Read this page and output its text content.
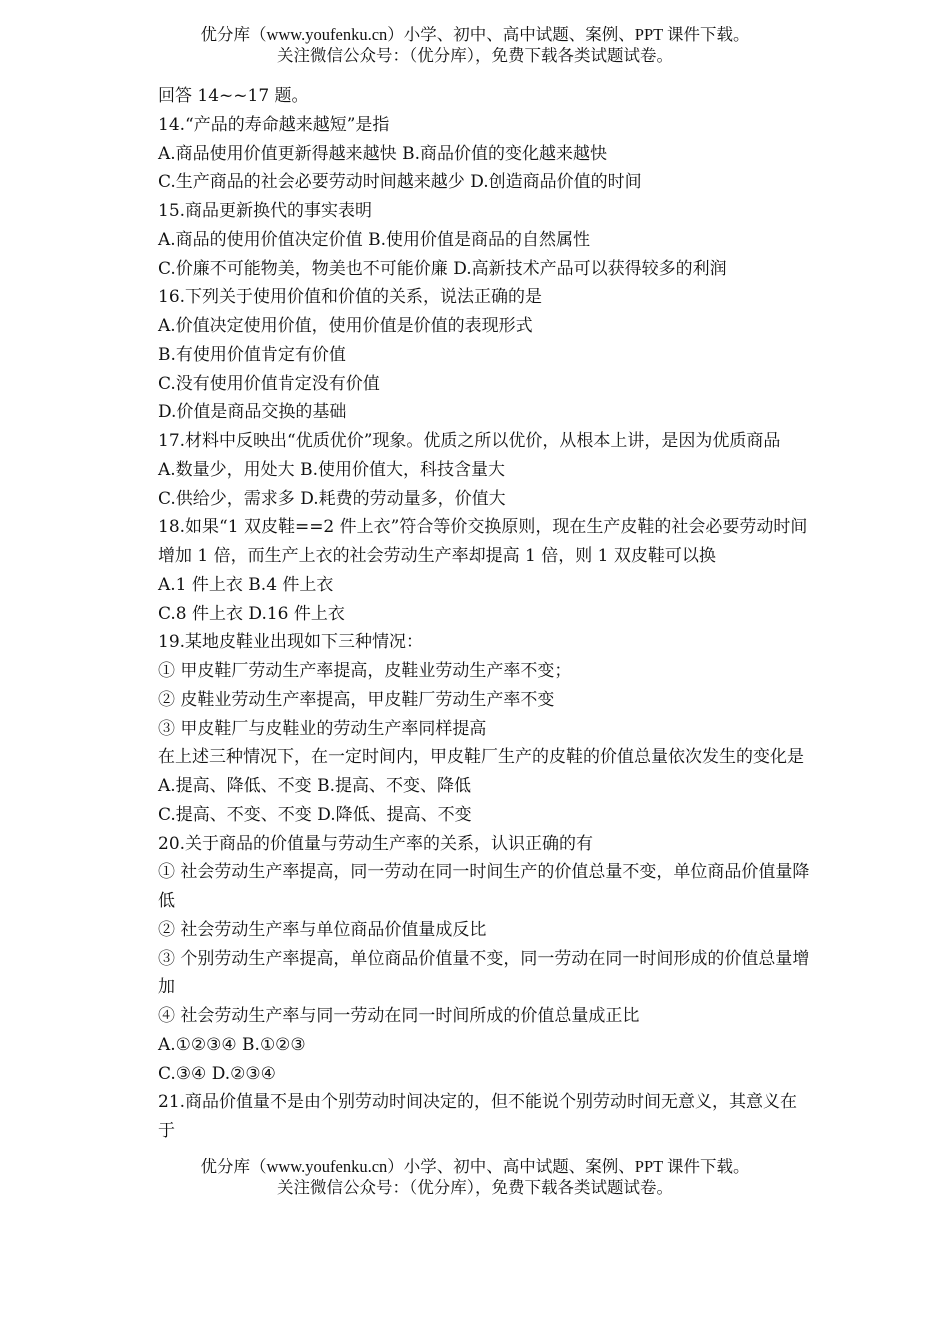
优分库（www.youfenku.cn）小学、初中、高中试题、案例、PPT 课件下载。
关注微信公众号：（优分库），免费下载各类试题试卷。
回答 14~~17 题。
14.“产品的寿命越来越短”是指
A.商品使用价值更新得越来越快 B.商品价值的变化越来越快
C.生产商品的社会必要劳动时间越来越少 D.创造商品价值的时间
15.商品更新换代的事实表明
A.商品的使用价值决定价值 B.使用价值是商品的自然属性
C.价廉不可能物美，物美也不可能价廉 D.高新技术产品可以获得较多的利润
16.下列关于使用价值和价值的关系，说法正确的是
A.价值决定使用价值，使用价值是价值的表现形式
B.有使用价值肯定有价值
C.没有使用价值肯定没有价值
D.价值是商品交换的基础
17.材料中反映出“优质优价”现象。优质之所以优价，从根本上讲，是因为优质商品
A.数量少，用处大 B.使用价值大，科技含量大
C.供给少，需求多 D.耗费的劳动量多，价值大
18.如果“1 双皮鞋==2 件上衣”符合等价交换原则，现在生产皮鞋的社会必要劳动时间
增加 1 倍，而生产上衣的社会劳动生产率却提高 1 倍，则 1 双皮鞋可以换
A.1 件上衣 B.4 件上衣
C.8 件上衣 D.16 件上衣
19.某地皮鞋业出现如下三种情况：
① 甲皮鞋厂劳动生产率提高，皮鞋业劳动生产率不变；
② 皮鞋业劳动生产率提高，甲皮鞋厂劳动生产率不变
③ 甲皮鞋厂与皮鞋业的劳动生产率同样提高
在上述三种情况下，在一定时间内，甲皮鞋厂生产的皮鞋的价值总量依次发生的变化是
A.提高、降低、不变 B.提高、不变、降低
C.提高、不变、不变 D.降低、提高、不变
20.关于商品的价值量与劳动生产率的关系，认识正确的有
① 社会劳动生产率提高，同一劳动在同一时间生产的价值总量不变，单位商品价值量降
低
② 社会劳动生产率与单位商品价值量成反比
③ 个别劳动生产率提高，单位商品价值量不变，同一劳动在同一时间形成的价值总量增
加
④ 社会劳动生产率与同一劳动在同一时间所成的价值总量成正比
A.①②③④ B.①②③
C.③④ D.②③④
21.商品价值量不是由个别劳动时间决定的，但不能说个别劳动时间无意义，其意义在
于
优分库（www.youfenku.cn）小学、初中、高中试题、案例、PPT 课件下载。
关注微信公众号：（优分库），免费下载各类试题试卷。
